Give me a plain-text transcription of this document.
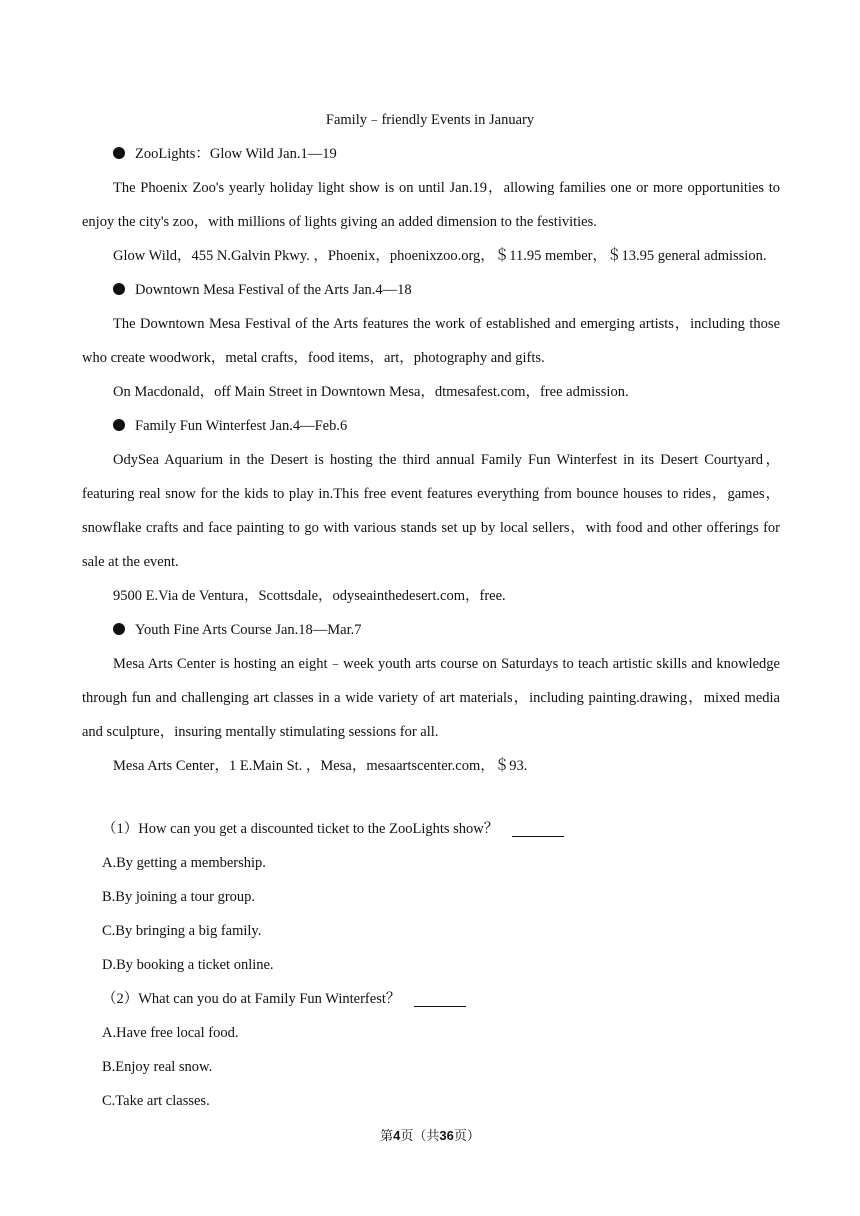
Family﹣friendly Events in January

ZooLights：Glow Wild Jan.1—19

The Phoenix Zoo's yearly holiday light show is on until Jan.19，allowing families one or more opportunities to enjoy the city's zoo，with millions of lights giving an added dimension to the festivities.

Glow Wild，455 N.Galvin Pkwy. ，Phoenix，phoenixzoo.org，＄11.95 member，＄13.95 general admission.

Downtown Mesa Festival of the Arts Jan.4—18

The Downtown Mesa Festival of the Arts features the work of established and emerging artists，including those who create woodwork，metal crafts，food items，art，photography and gifts.

On Macdonald，off Main Street in Downtown Mesa，dtmesafest.com，free admission.

Family Fun Winterfest Jan.4—Feb.6

OdySea Aquarium in the Desert is hosting the third annual Family Fun Winterfest in its Desert Courtyard，featuring real snow for the kids to play in.This free event features everything from bounce houses to rides，games，snowflake crafts and face painting to go with various stands set up by local sellers，with food and other offerings for sale at the event.

9500 E.Via de Ventura，Scottsdale，odyseainthedesert.com，free.

Youth Fine Arts Course Jan.18—Mar.7

Mesa Arts Center is hosting an eight﹣week youth arts course on Saturdays to teach artistic skills and knowledge through fun and challenging art classes in a wide variety of art materials，including painting.drawing，mixed media and sculpture，insuring mentally stimulating sessions for all.

Mesa Arts Center，1 E.Main St. ，Mesa，mesaartscenter.com，＄93.

（1）How can you get a discounted ticket to the ZooLights show？

A.By getting a membership.

B.By joining a tour group.

C.By bringing a big family.

D.By booking a ticket online.

（2）What can you do at Family Fun Winterfest？

A.Have free local food.

B.Enjoy real snow.

C.Take art classes.

第4页（共36页）
